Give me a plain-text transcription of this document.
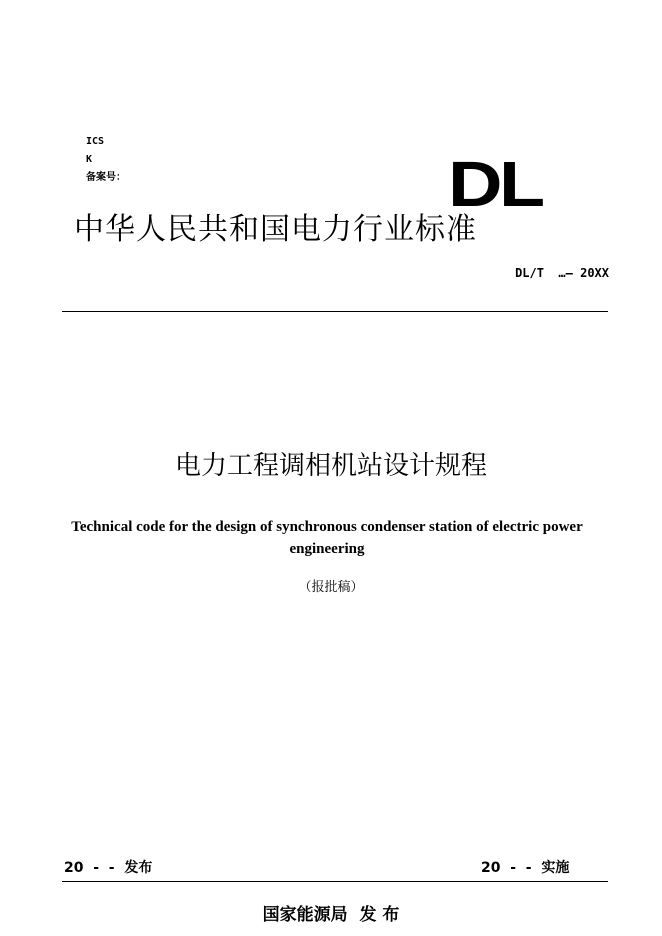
ICS
K
备案号：	DL
中华人民共和国电力行业标准
DL/T  …— 20XX
电力工程调相机站设计规程
Technical code for the design of synchronous condenser station of electric power engineering
（报批稿）
20  -  -  发布	20  -  -  实施
国家能源局  发 布
